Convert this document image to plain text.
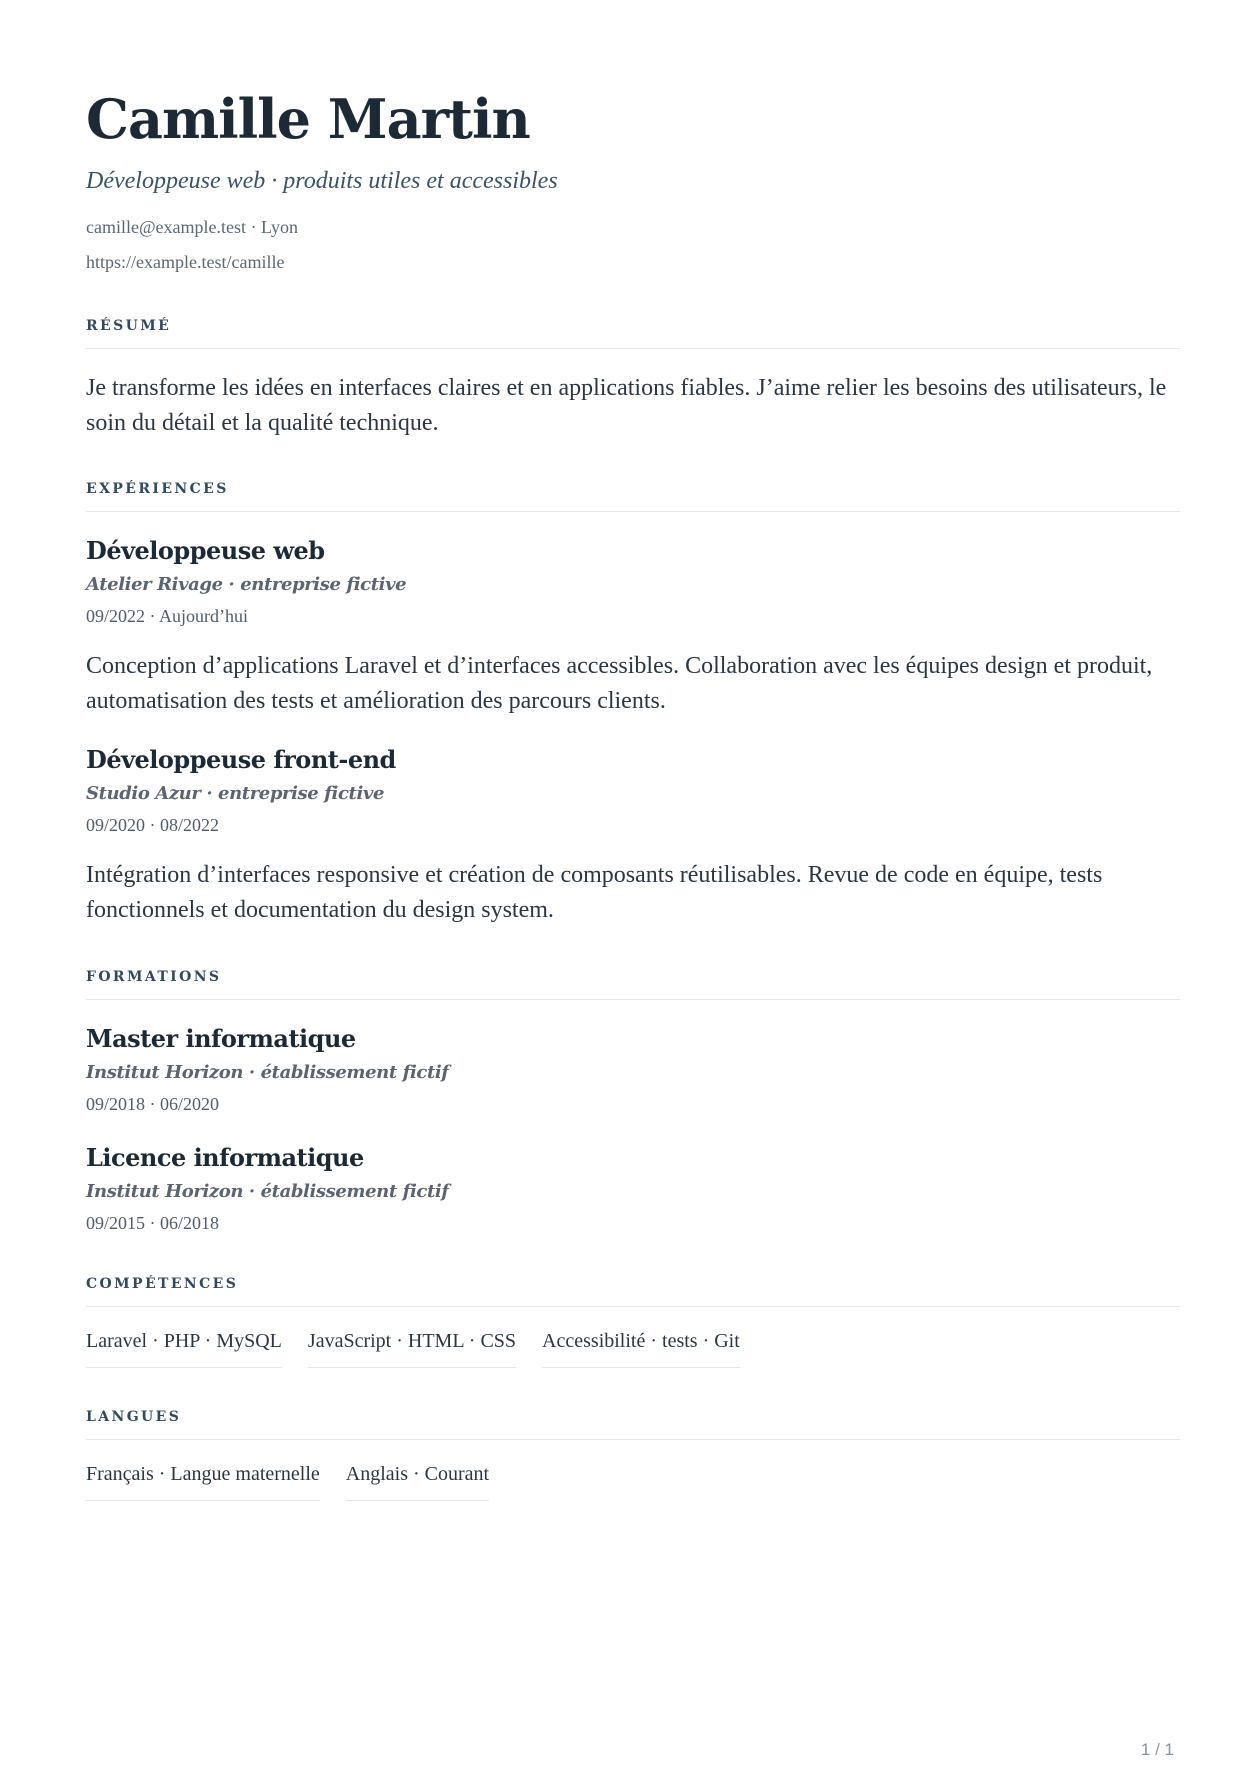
Camille Martin
Développeuse web · produits utiles et accessibles
camille@example.test · Lyon
https://example.test/camille
RÉSUMÉ

Je transforme les idées en interfaces claires et en applications fiables. J’aime relier les besoins des utilisateurs, le soin du détail et la qualité technique.

EXPÉRIENCES
Développeuse web
Atelier Rivage · entreprise fictive
09/2022 · Aujourd’hui

Conception d’applications Laravel et d’interfaces accessibles. Collaboration avec les équipes design et produit, automatisation des tests et amélioration des parcours clients.

Développeuse front-end
Studio Azur · entreprise fictive
09/2020 · 08/2022

Intégration d’interfaces responsive et création de composants réutilisables. Revue de code en équipe, tests fonctionnels et documentation du design system.

FORMATIONS
Master informatique
Institut Horizon · établissement fictif
09/2018 · 06/2020
Licence informatique
Institut Horizon · établissement fictif
09/2015 · 06/2018
COMPÉTENCES
Laravel · PHP · MySQL JavaScript · HTML · CSS Accessibilité · tests · Git
LANGUES
Français · Langue maternelle Anglais · Courant
1 / 1
